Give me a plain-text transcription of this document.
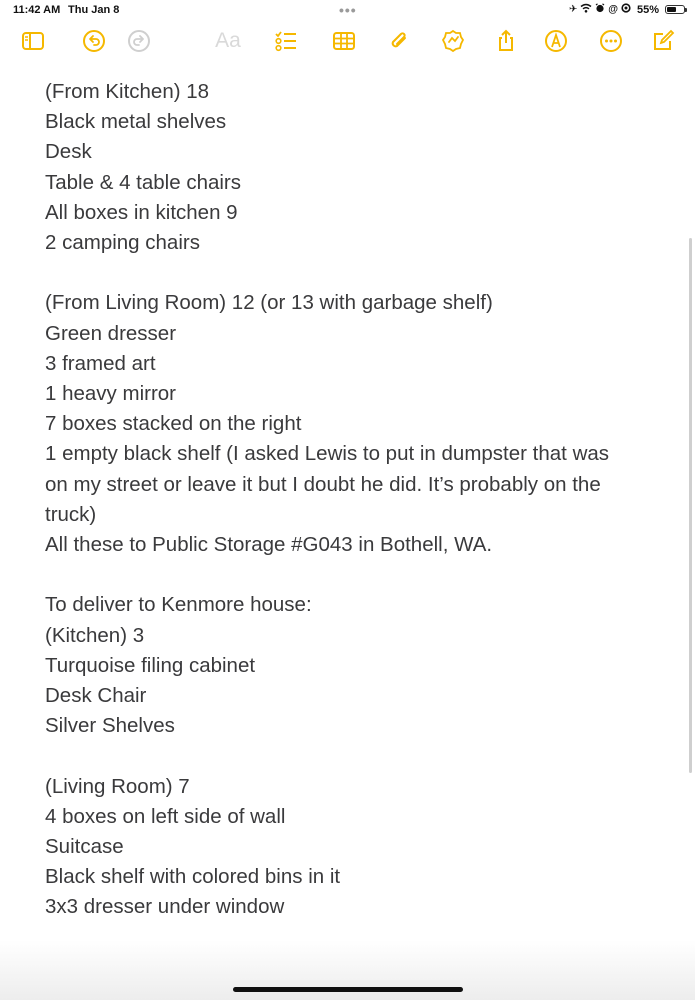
11:42 AM Thu Jan 8	•••	✈	@ 55%
Aa
(From Kitchen) 18
Black metal shelves
Desk
Table & 4 table chairs
All boxes in kitchen 9
2 camping chairs
(From Living Room) 12 (or 13 with garbage shelf)
Green dresser
3 framed art
1 heavy mirror
7 boxes stacked on the right
1 empty black shelf (I asked Lewis to put in dumpster that was
on my street or leave it but I doubt he did. It’s probably on the
truck)
All these to Public Storage #G043 in Bothell, WA.
To deliver to Kenmore house:
(Kitchen) 3
Turquoise filing cabinet
Desk Chair
Silver Shelves
(Living Room) 7
4 boxes on left side of wall
Suitcase
Black shelf with colored bins in it
3x3 dresser under window
